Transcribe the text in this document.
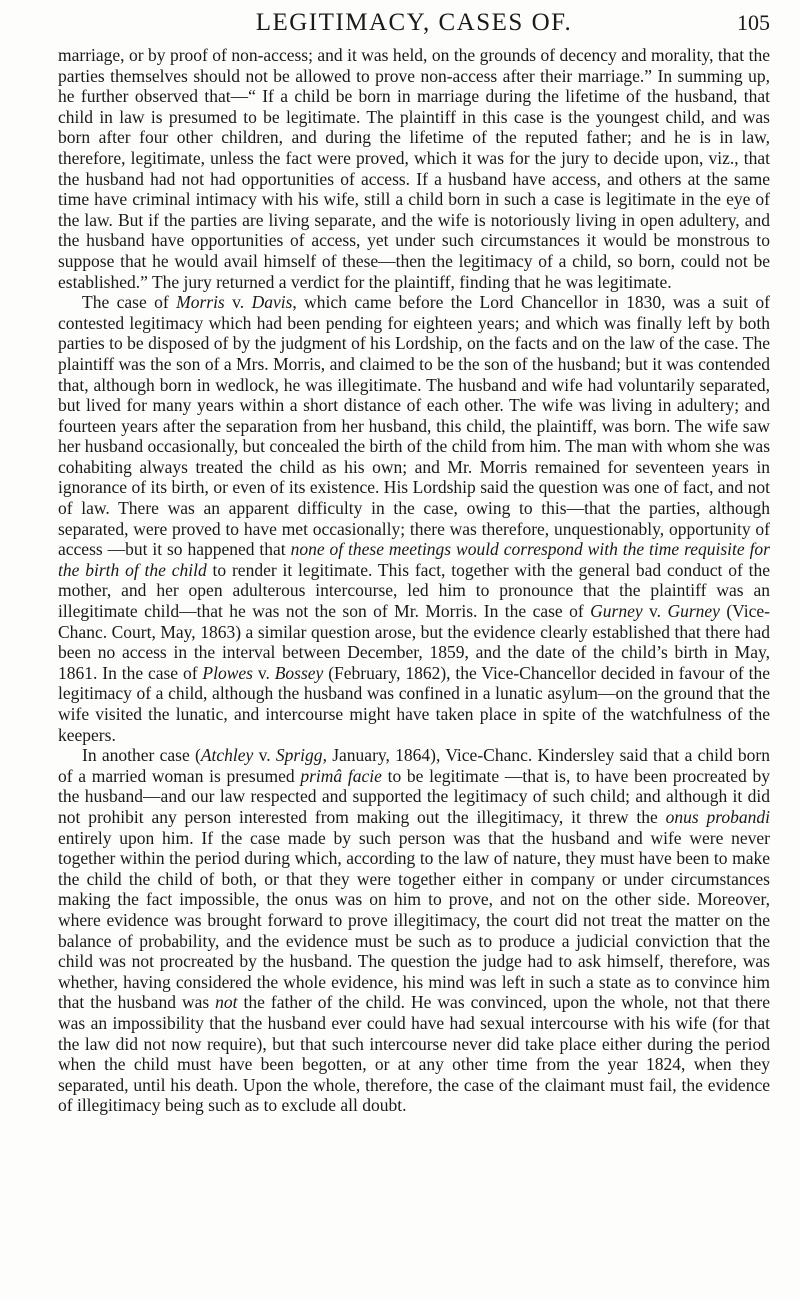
LEGITIMACY, CASES OF.	105

marriage, or by proof of non-access; and it was held, on the grounds of decency and morality, that the parties themselves should not be allowed to prove non-access after their marriage.” In summing up, he further observed that—“ If a child be born in marriage during the lifetime of the husband, that child in law is presumed to be legitimate. The plaintiff in this case is the youngest child, and was born after four other children, and during the lifetime of the reputed father; and he is in law, therefore, legitimate, unless the fact were proved, which it was for the jury to decide upon, viz., that the husband had not had opportunities of access. If a husband have access, and others at the same time have criminal intimacy with his wife, still a child born in such a case is legitimate in the eye of the law. But if the parties are living separate, and the wife is notoriously living in open adultery, and the husband have opportunities of access, yet under such circumstances it would be monstrous to suppose that he would avail himself of these—then the legitimacy of a child, so born, could not be established.” The jury returned a verdict for the plaintiff, finding that he was legitimate.

The case of Morris v. Davis, which came before the Lord Chancellor in 1830, was a suit of contested legitimacy which had been pending for eighteen years; and which was finally left by both parties to be disposed of by the judgment of his Lordship, on the facts and on the law of the case. The plaintiff was the son of a Mrs. Morris, and claimed to be the son of the husband; but it was contended that, although born in wedlock, he was illegitimate. The husband and wife had voluntarily separated, but lived for many years within a short distance of each other. The wife was living in adultery; and fourteen years after the separation from her husband, this child, the plaintiff, was born. The wife saw her husband occasionally, but concealed the birth of the child from him. The man with whom she was cohabiting always treated the child as his own; and Mr. Morris remained for seventeen years in ignorance of its birth, or even of its existence. His Lordship said the question was one of fact, and not of law. There was an apparent difficulty in the case, owing to this—that the parties, although separated, were proved to have met occasionally; there was therefore, unquestionably, opportunity of access —but it so happened that none of these meetings would correspond with the time requisite for the birth of the child to render it legitimate. This fact, together with the general bad conduct of the mother, and her open adulterous intercourse, led him to pronounce that the plaintiff was an illegitimate child—that he was not the son of Mr. Morris. In the case of Gurney v. Gurney (Vice-Chanc. Court, May, 1863) a similar question arose, but the evidence clearly established that there had been no access in the interval between December, 1859, and the date of the child’s birth in May, 1861. In the case of Plowes v. Bossey (February, 1862), the Vice-Chancellor decided in favour of the legitimacy of a child, although the husband was confined in a lunatic asylum—on the ground that the wife visited the lunatic, and intercourse might have taken place in spite of the watchfulness of the keepers.

In another case (Atchley v. Sprigg, January, 1864), Vice-Chanc. Kindersley said that a child born of a married woman is presumed primâ facie to be legitimate —that is, to have been procreated by the husband—and our law respected and supported the legitimacy of such child; and although it did not prohibit any person interested from making out the illegitimacy, it threw the onus probandi entirely upon him. If the case made by such person was that the husband and wife were never together within the period during which, according to the law of nature, they must have been to make the child the child of both, or that they were together either in company or under circumstances making the fact impossible, the onus was on him to prove, and not on the other side. Moreover, where evidence was brought forward to prove illegitimacy, the court did not treat the matter on the balance of probability, and the evidence must be such as to produce a judicial conviction that the child was not procreated by the husband. The question the judge had to ask himself, therefore, was whether, having considered the whole evidence, his mind was left in such a state as to convince him that the husband was not the father of the child. He was convinced, upon the whole, not that there was an impossibility that the husband ever could have had sexual intercourse with his wife (for that the law did not now require), but that such intercourse never did take place either during the period when the child must have been begotten, or at any other time from the year 1824, when they separated, until his death. Upon the whole, therefore, the case of the claimant must fail, the evidence of illegitimacy being such as to exclude all doubt.
